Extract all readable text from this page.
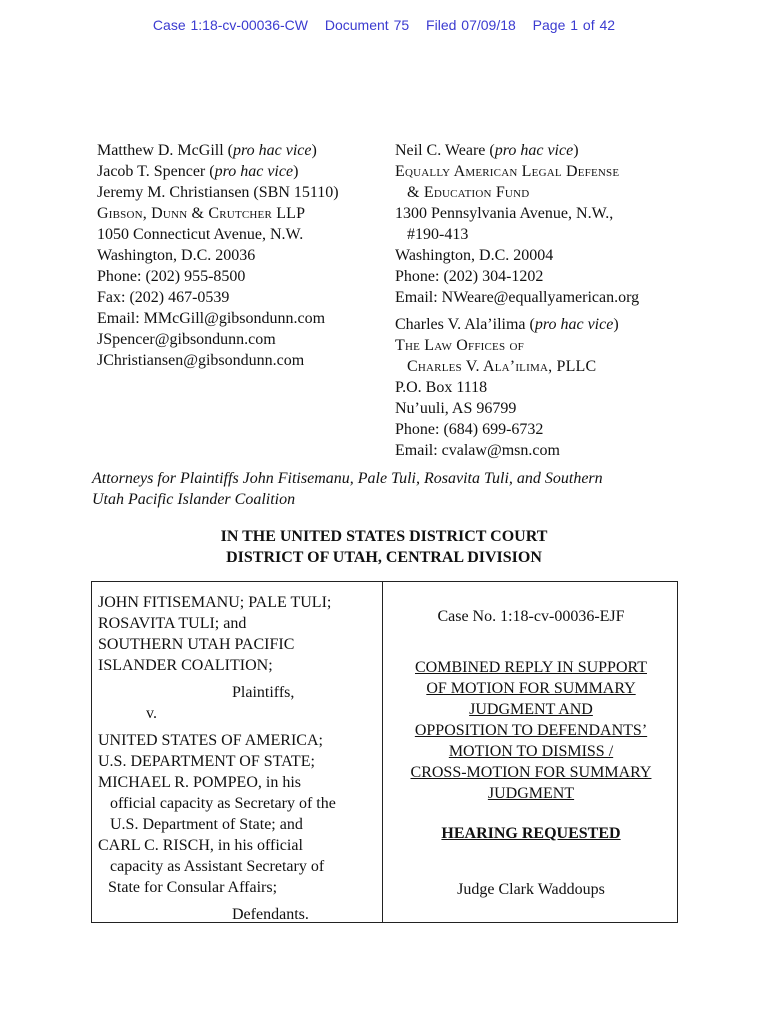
Case 1:18-cv-00036-CW Document 75 Filed 07/09/18 Page 1 of 42
Matthew D. McGill (pro hac vice)
Jacob T. Spencer (pro hac vice)
Jeremy M. Christiansen (SBN 15110)
Gibson, Dunn & Crutcher LLP
1050 Connecticut Avenue, N.W.
Washington, D.C. 20036
Phone: (202) 955-8500
Fax: (202) 467-0539
Email: MMcGill@gibsondunn.com
JSpencer@gibsondunn.com
JChristiansen@gibsondunn.com
Neil C. Weare (pro hac vice)
Equally American Legal Defense
& Education Fund
1300 Pennsylvania Avenue, N.W.,
#190-413
Washington, D.C. 20004
Phone: (202) 304-1202
Email: NWeare@equallyamerican.org
Charles V. Ala’ilima (pro hac vice)
The Law Offices of
Charles V. Ala’ilima, PLLC
P.O. Box 1118
Nu’uuli, AS 96799
Phone: (684) 699-6732
Email: cvalaw@msn.com
Attorneys for Plaintiffs John Fitisemanu, Pale Tuli, Rosavita Tuli, and Southern
Utah Pacific Islander Coalition
IN THE UNITED STATES DISTRICT COURT
DISTRICT OF UTAH, CENTRAL DIVISION
JOHN FITISEMANU; PALE TULI;
ROSAVITA TULI; and
SOUTHERN UTAH PACIFIC
ISLANDER COALITION;
Plaintiffs,
v.
UNITED STATES OF AMERICA;
U.S. DEPARTMENT OF STATE;
MICHAEL R. POMPEO, in his
official capacity as Secretary of the
U.S. Department of State; and
CARL C. RISCH, in his official
capacity as Assistant Secretary of
State for Consular Affairs;
Defendants.
Case No. 1:18-cv-00036-EJF
COMBINED REPLY IN SUPPORT
OF MOTION FOR SUMMARY
JUDGMENT AND
OPPOSITION TO DEFENDANTS’
MOTION TO DISMISS /
CROSS-MOTION FOR SUMMARY
JUDGMENT
HEARING REQUESTED
Judge Clark Waddoups
